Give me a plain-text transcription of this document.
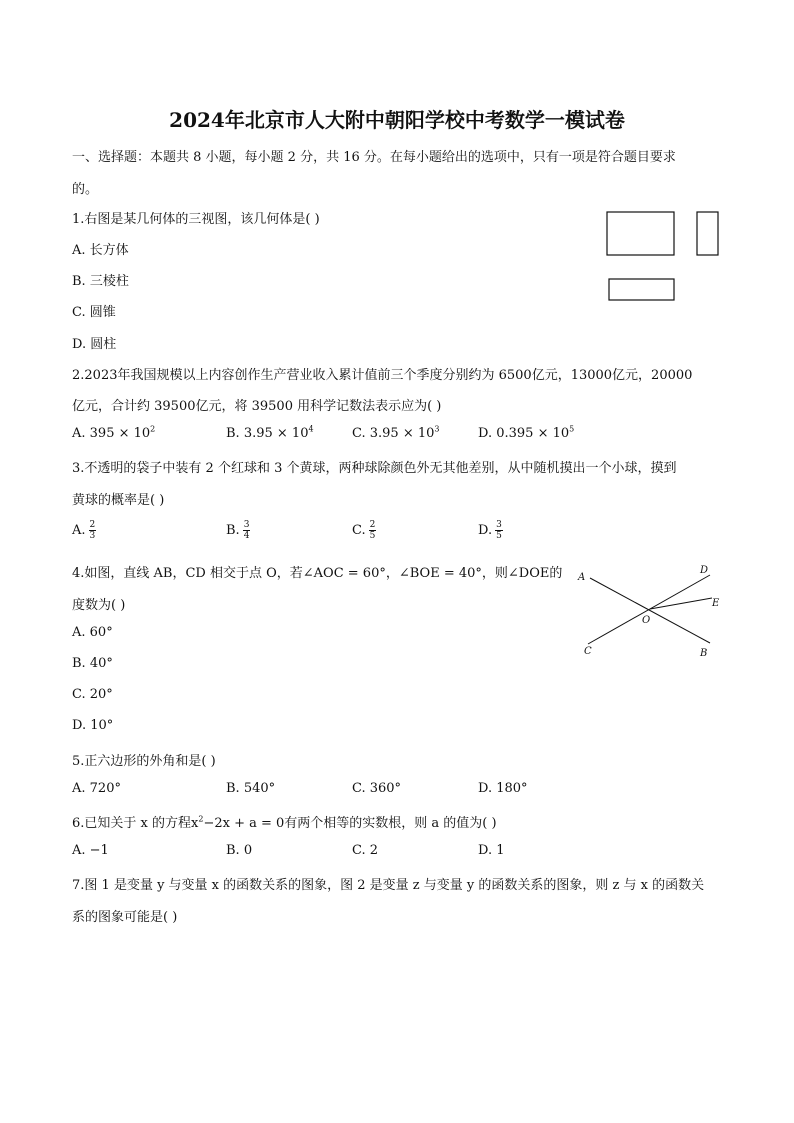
2024年北京市人大附中朝阳学校中考数学一模试卷
一、选择题：本题共 8 小题，每小题 2 分，共 16 分。在每小题给出的选项中，只有一项是符合题目要求
的。
1.右图是某几何体的三视图，该几何体是( )
A. 长方体
B. 三棱柱
C. 圆锥
D. 圆柱
2.2023年我国规模以上内容创作生产营业收入累计值前三个季度分别约为 6500亿元，13000亿元，20000
亿元，合计约 39500亿元，将 39500 用科学记数法表示应为( )
A. $395 \times 10^2$	B. $3.95 \times 10^4$	C. $3.95 \times 10^3$	D. $0.395 \times 10^5$
3.不透明的袋子中装有 2 个红球和 3 个黄球，两种球除颜色外无其他差别，从中随机摸出一个小球，摸到
黄球的概率是( )
A. $\frac{2}{3}$	B. $\frac{3}{4}$	C. $\frac{2}{5}$	D. $\frac{3}{5}$
4.如图，直线 AB，CD 相交于点 O，若∠AOC = 60°，∠BOE = 40°，则∠DOE的
度数为( )
A. 60°
B. 40°
C. 20°
D. 10°
A
B
C
D
E
O
5.正六边形的外角和是( )
A. 720°	B. 540°	C. 360°	D. 180°
6.已知关于 x 的方程$x^2-2x + a = 0$有两个相等的实数根，则 a 的值为( )
A. −1	B. 0	C. 2	D. 1
7.图 1 是变量 y 与变量 x 的函数关系的图象，图 2 是变量 z 与变量 y 的函数关系的图象，则 z 与 x 的函数关
系的图象可能是( )
